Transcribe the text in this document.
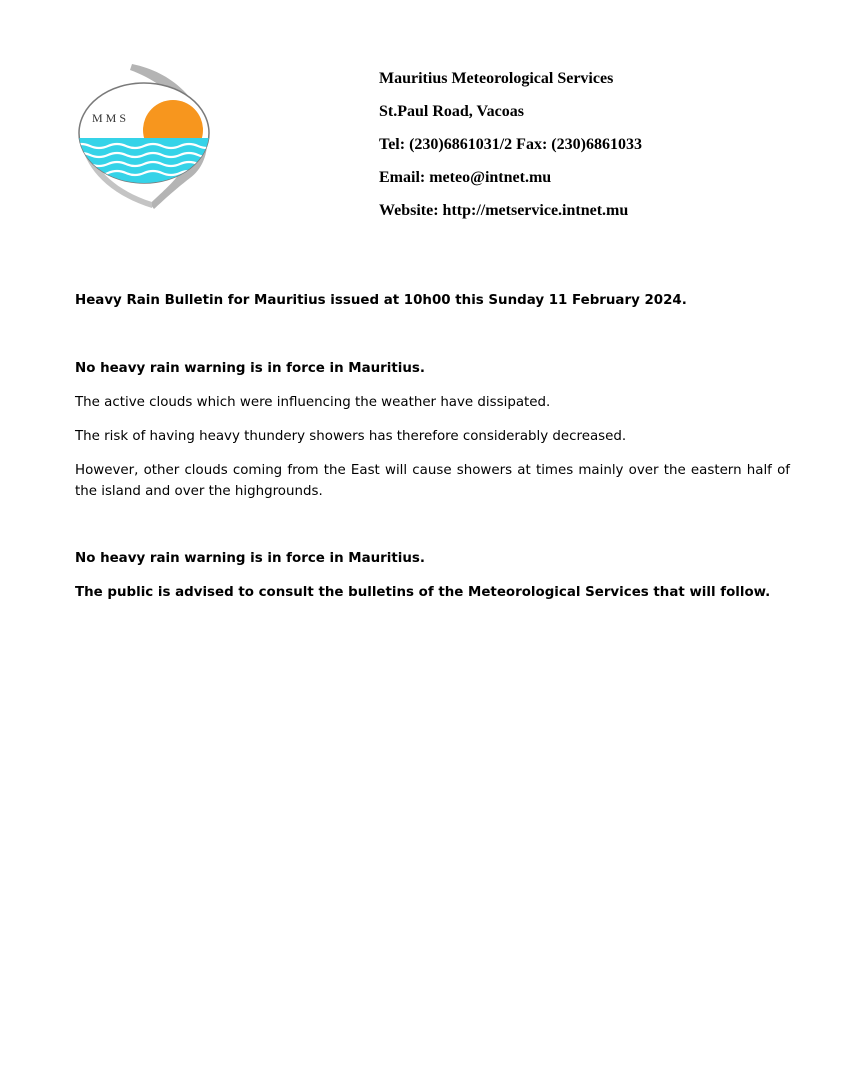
MMS
Mauritius Meteorological Services
St.Paul Road, Vacoas
Tel: (230)6861031/2 Fax: (230)6861033
Email: meteo@intnet.mu
Website: http://metservice.intnet.mu

Heavy Rain Bulletin for Mauritius issued at 10h00 this Sunday 11 February 2024.

No heavy rain warning is in force in Mauritius.

The active clouds which were influencing the weather have dissipated.

The risk of having heavy thundery showers has therefore considerably decreased.

However, other clouds coming from the East will cause showers at times mainly over the eastern half of the island and over the highgrounds.

No heavy rain warning is in force in Mauritius.

The public is advised to consult the bulletins of the Meteorological Services that will follow.
